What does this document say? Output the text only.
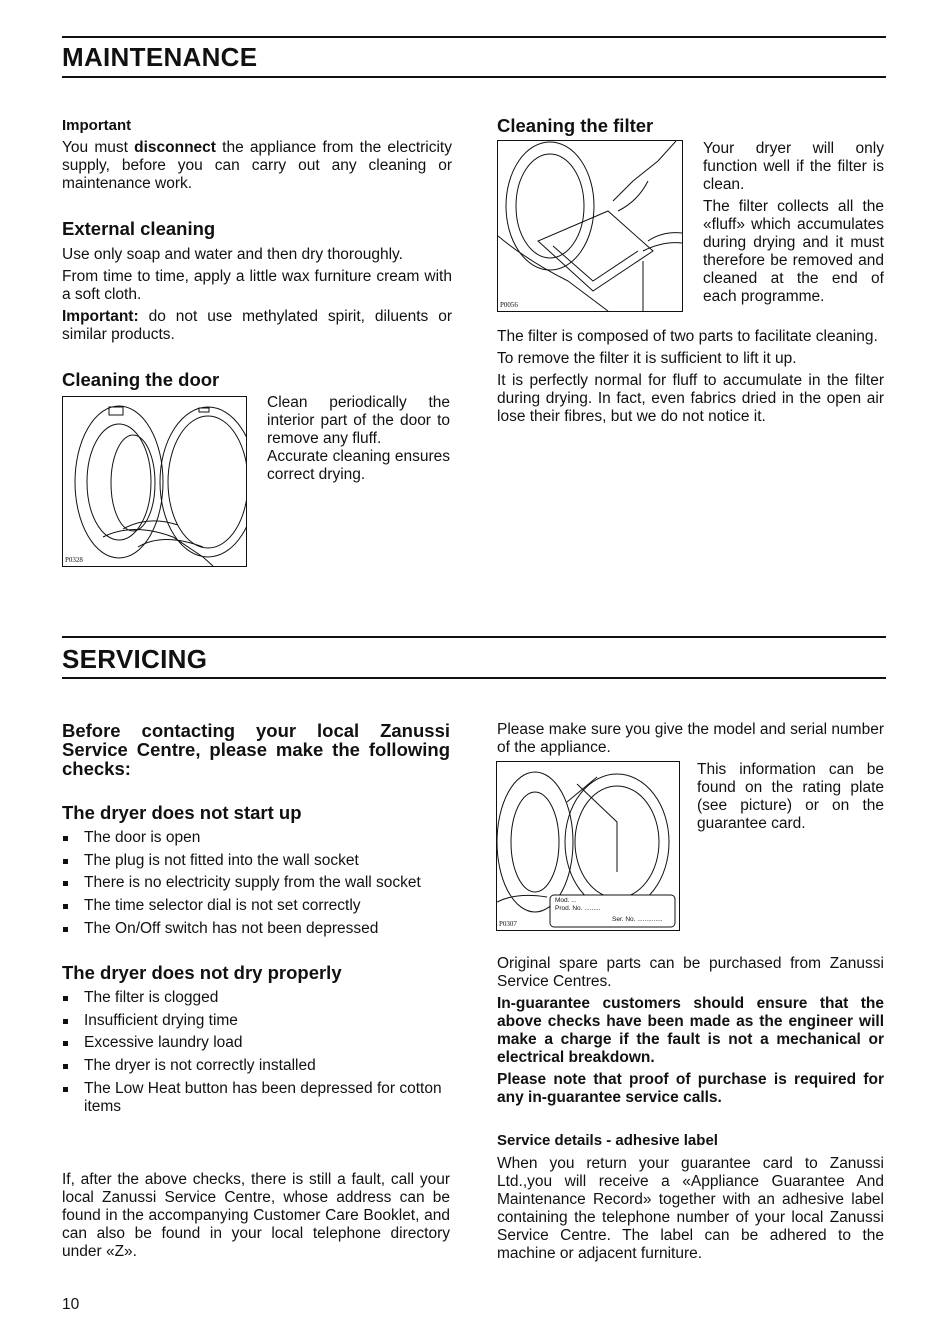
MAINTENANCE
Important

You must disconnect the appliance from the electricity supply, before you can carry out any cleaning or maintenance work.

External cleaning

Use only soap and water and then dry thoroughly.

From time to time, apply a little wax furniture cream with a soft cloth.

Important: do not use methylated spirit, diluents or similar products.

Cleaning the door
P0328

Clean periodically the interior part of the door to remove any fluff.

Accurate cleaning ensures correct drying.

Cleaning the filter
P0056

Your dryer will only function well if the filter is clean.

The filter collects all the «fluff» which accumulates during drying and it must therefore be removed and cleaned at the end of each programme.

The filter is composed of two parts to facilitate cleaning.

To remove the filter it is sufficient to lift it up.

It is perfectly normal for fluff to accumulate in the filter during drying. In fact, even fabrics dried in the open air lose their fibres, but we do not notice it.

SERVICING
Before contacting your local Zanussi Service Centre, please make the following checks:
The dryer does not start up
The door is open
The plug is not fitted into the wall socket
There is no electricity supply from the wall socket
The time selector dial is not set correctly
The On/Off switch has not been depressed
The dryer does not dry properly
The filter is clogged
Insufficient drying time
Excessive laundry load
The dryer is not correctly installed
The Low Heat button has been depressed for cotton items

If, after the above checks, there is still a fault, call your local Zanussi Service Centre, whose address can be found in the accompanying Customer Care Booklet, and can also be found in your local telephone directory under «Z».

Please make sure you give the model and serial number of the appliance.

Mod. ...
Prod. No. .........
Ser. No. ..............
P0307

This information can be found on the rating plate (see picture) or on the guarantee card.

Original spare parts can be purchased from Zanussi Service Centres.

In-guarantee customers should ensure that the above checks have been made as the engineer will make a charge if the fault is not a mechanical or electrical breakdown.

Please note that proof of purchase is required for any in-guarantee service calls.

Service details - adhesive label

When you return your guarantee card to Zanussi Ltd.,you will receive a «Appliance Guarantee And Maintenance Record» together with an adhesive label containing the telephone number of your local Zanussi Service Centre. The label can be adhered to the machine or adjacent furniture.

10
